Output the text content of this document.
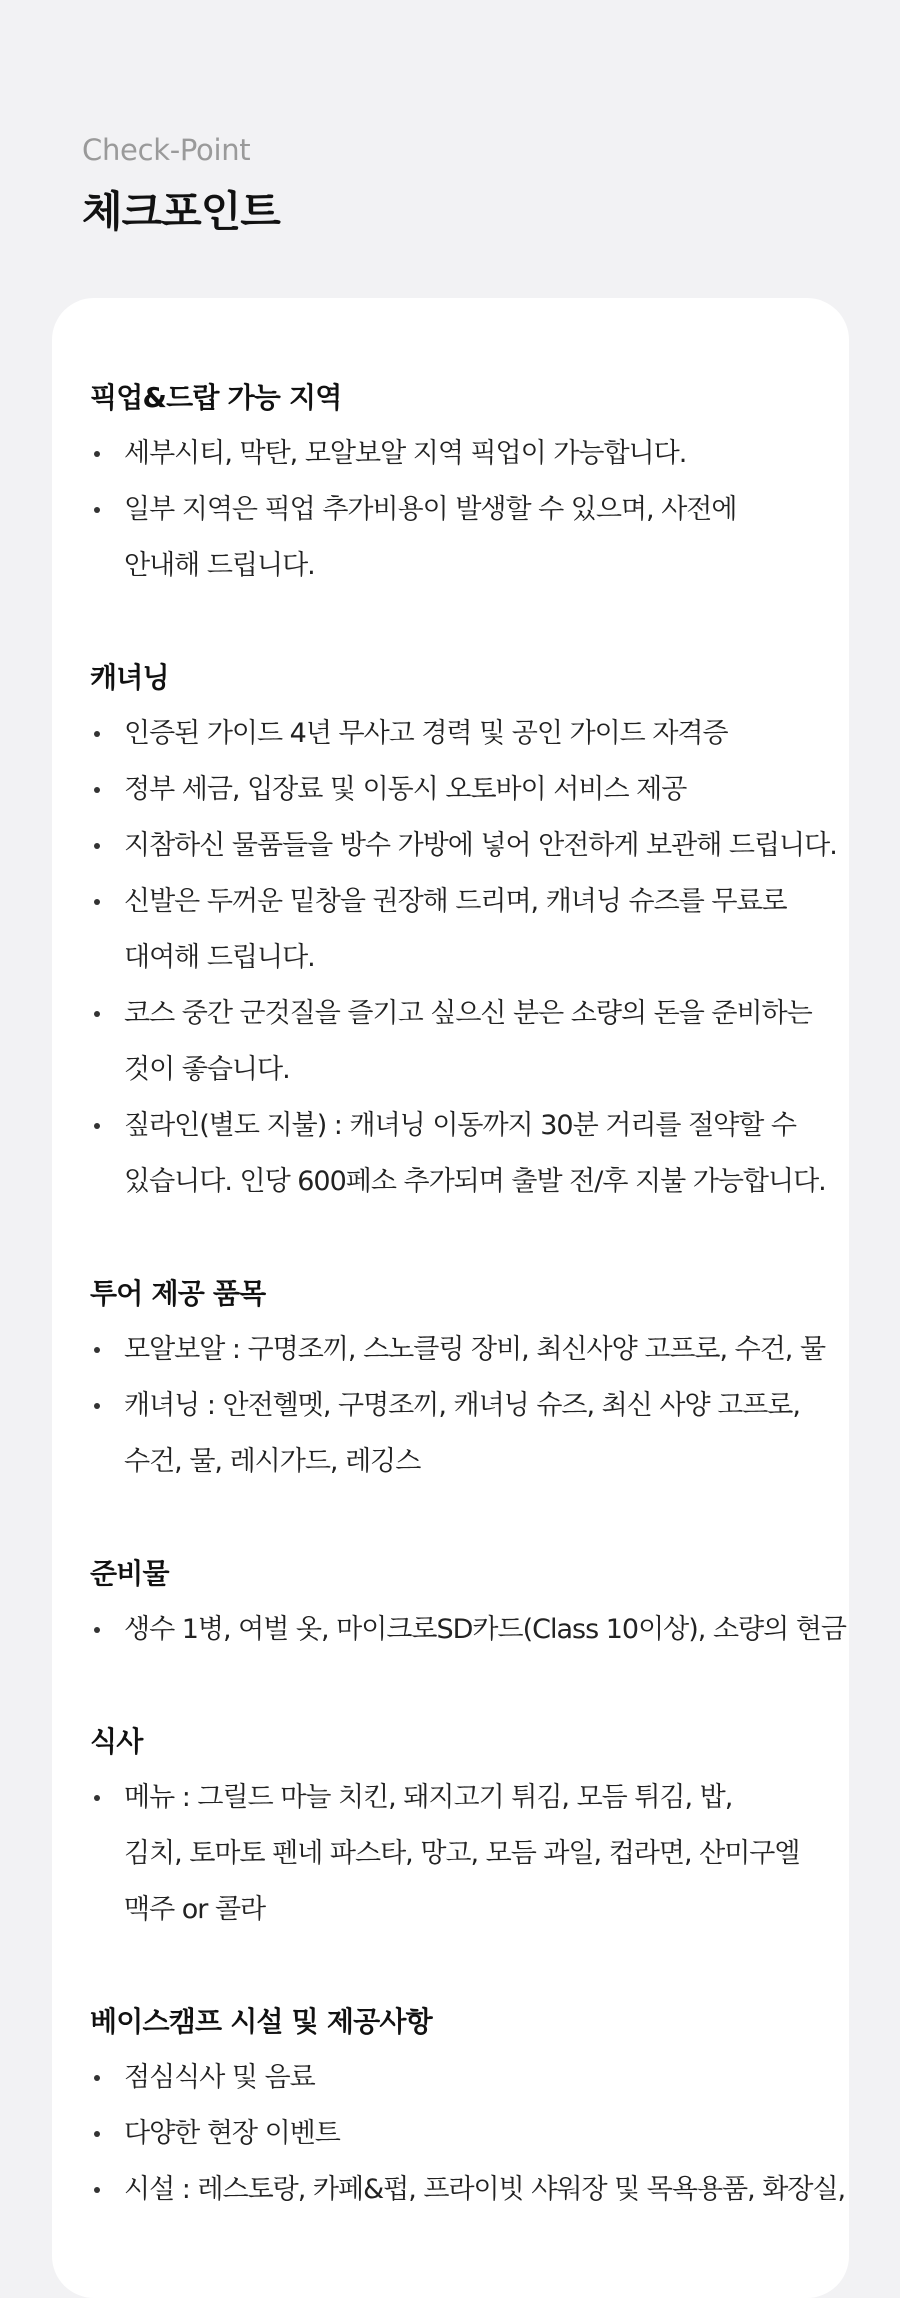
Check-Point
체크포인트
픽업&드랍 가능 지역
세부시티, 막탄, 모알보알 지역 픽업이 가능합니다.
일부 지역은 픽업 추가비용이 발생할 수 있으며, 사전에
안내해 드립니다.
캐녀닝
인증된 가이드 4년 무사고 경력 및 공인 가이드 자격증
정부 세금, 입장료 및 이동시 오토바이 서비스 제공
지참하신 물품들을 방수 가방에 넣어 안전하게 보관해 드립니다.
신발은 두꺼운 밑창을 권장해 드리며, 캐녀닝 슈즈를 무료로
대여해 드립니다.
코스 중간 군것질을 즐기고 싶으신 분은 소량의 돈을 준비하는
것이 좋습니다.
짚라인(별도 지불) : 캐녀닝 이동까지 30분 거리를 절약할 수
있습니다. 인당 600페소 추가되며 출발 전/후 지불 가능합니다.
투어 제공 품목
모알보알 : 구명조끼, 스노클링 장비, 최신사양 고프로, 수건, 물
캐녀닝 : 안전헬멧, 구명조끼, 캐녀닝 슈즈, 최신 사양 고프로,
수건, 물, 레시가드, 레깅스
준비물
생수 1병, 여벌 옷, 마이크로SD카드(Class 10이상), 소량의 현금
식사
메뉴 : 그릴드 마늘 치킨, 돼지고기 튀김, 모듬 튀김, 밥,
김치, 토마토 펜네 파스타, 망고, 모듬 과일, 컵라면, 산미구엘
맥주 or 콜라
베이스캠프 시설 및 제공사항
점심식사 및 음료
다양한 현장 이벤트
시설 : 레스토랑, 카페&펍, 프라이빗 샤워장 및 목욕용품, 화장실,
